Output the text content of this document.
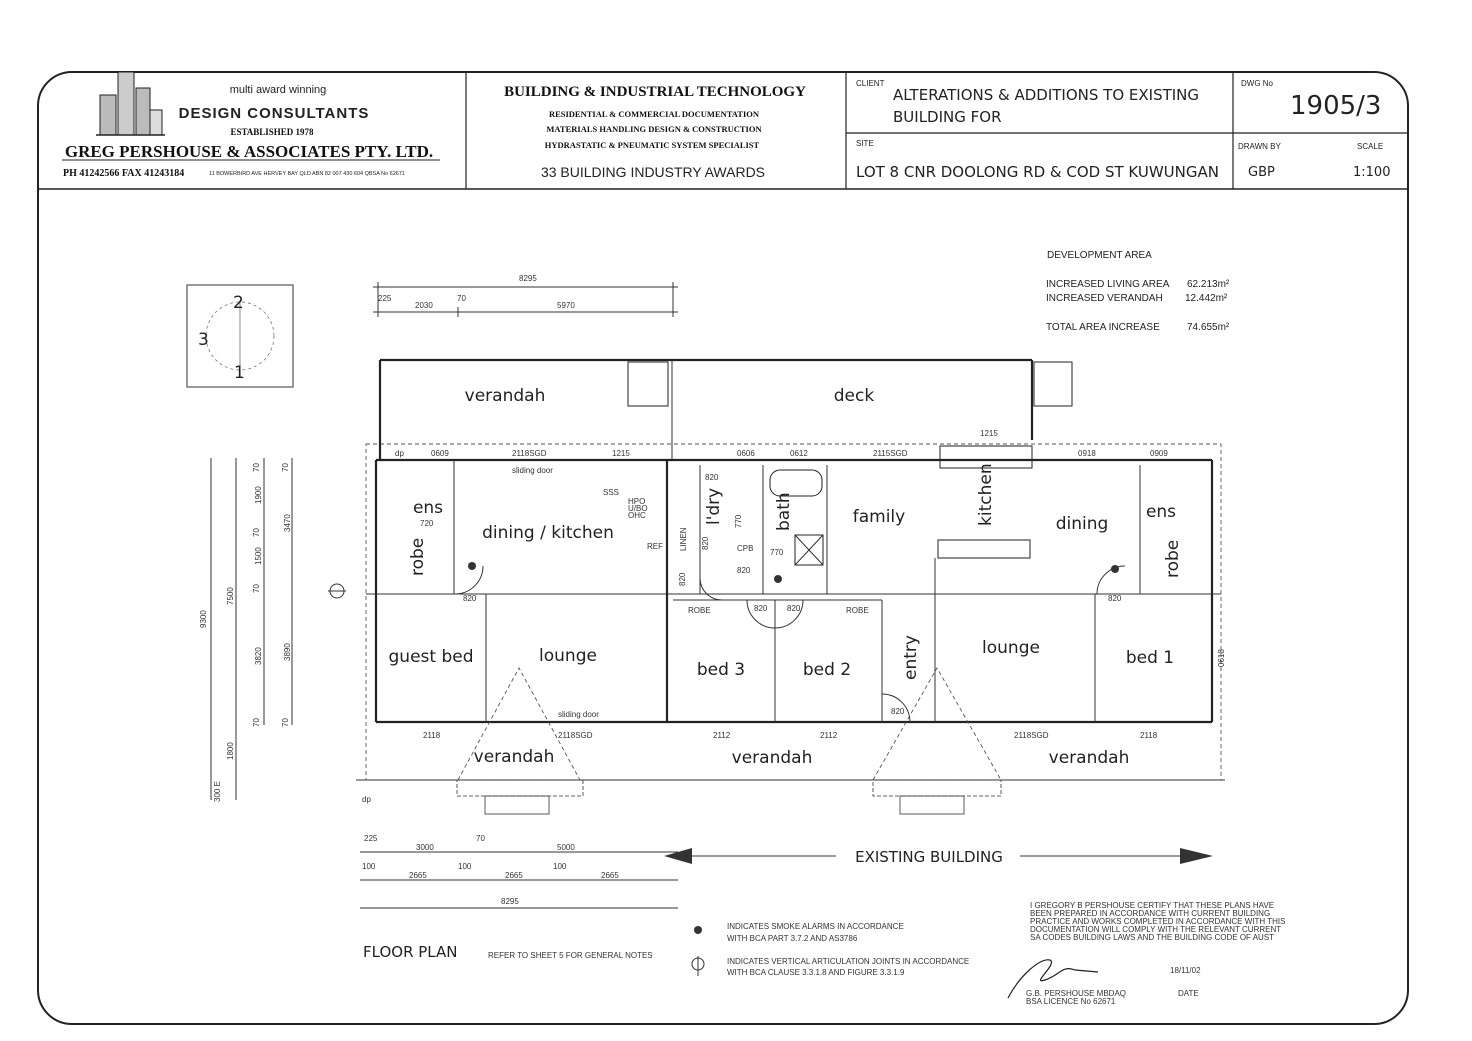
multi award winning
DESIGN CONSULTANTS
ESTABLISHED 1978
GREG PERSHOUSE & ASSOCIATES PTY. LTD.
PH 41242566 FAX 41243184	11 BOWERBIRD AVE HERVEY BAY QLD ABN 82 007 430 604 QBSA No 62671
BUILDING & INDUSTRIAL TECHNOLOGY
RESIDENTIAL & COMMERCIAL DOCUMENTATION
MATERIALS HANDLING DESIGN & CONSTRUCTION
HYDRASTATIC & PNEUMATIC SYSTEM SPECIALIST
33 BUILDING INDUSTRY AWARDS
CLIENT
ALTERATIONS & ADDITIONS TO EXISTING
BUILDING FOR
SITE
LOT 8 CNR DOOLONG RD & COD ST KUWUNGAN
DWG No
1905/3
DRAWN BY	SCALE
GBP	1:100
DEVELOPMENT AREA
INCREASED LIVING AREA 62.213m²
INCREASED VERANDAH 12.442m²
TOTAL AREA INCREASE	74.655m²
2
3
1
8295
225
2030
70
5970
9300
7500
1800
300 E
70
1900
70
1500
70
3820
70
70
3470
3890
70
verandah	deck
ens
robe
dining / kitchen
l'dry	bath	family	kitchen	dining
ens
robe
guest bed	lounge
bed 3	bed 2	entry	lounge	bed 1
verandah	verandah	verandah
dp
dp
0609	2118SGD	1215	0606	0612	2115SGD
1215
0918	0909
sliding door
sliding door
SSS
HPO
U/BO
OHC
REF LINEN	CPB
ROBE	ROBE
720
820
820
820
820
820
820 820
820
820
770
770
2118	2118SGD	2112	2112	2118SGD	2118
0618
225
3000
70
5000
100
2665
100
2665
100
2665
8295
EXISTING BUILDING
FLOOR PLAN	REFER TO SHEET 5 FOR GENERAL NOTES
INDICATES SMOKE ALARMS IN ACCORDANCE
WITH BCA PART 3.7.2 AND AS3786
INDICATES VERTICAL ARTICULATION JOINTS IN ACCORDANCE
WITH BCA CLAUSE 3.3.1.8 AND FIGURE 3.3.1.9
I GREGORY B PERSHOUSE CERTIFY THAT THESE PLANS HAVE
BEEN PREPARED IN ACCORDANCE WITH CURRENT BUILDING
PRACTICE AND WORKS COMPLETED IN ACCORDANCE WITH THIS
DOCUMENTATION WILL COMPLY WITH THE RELEVANT CURRENT
SA CODES BUILDING LAWS AND THE BUILDING CODE OF AUST
18/11/02
G.B. PERSHOUSE MBDAQ
BSA LICENCE No 62671
DATE
